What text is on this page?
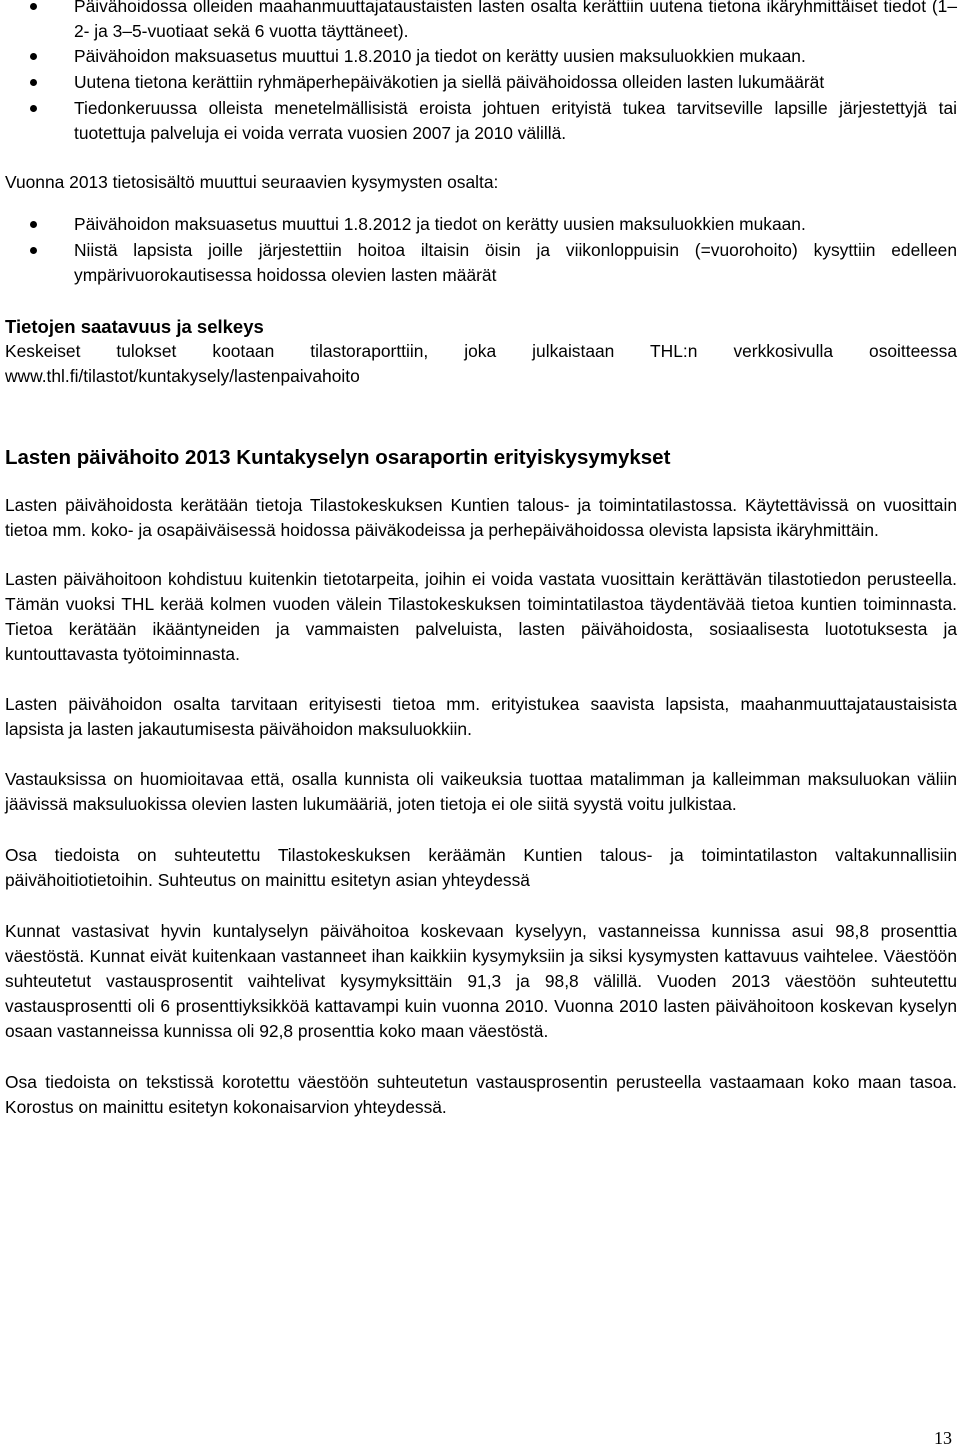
Päivähoidossa olleiden maahanmuuttajataustaisten lasten osalta kerättiin uutena tietona ikäryhmittäiset tiedot (1–2- ja 3–5-vuotiaat sekä 6 vuotta täyttäneet).
Päivähoidon maksuasetus muuttui 1.8.2010 ja tiedot on kerätty uusien maksuluokkien mukaan.
Uutena tietona kerättiin ryhmäperhepäiväkotien ja siellä päivähoidossa olleiden lasten lukumäärät
Tiedonkeruussa olleista menetelmällisistä eroista johtuen erityistä tukea tarvitseville lapsille järjestettyjä tai tuotettuja palveluja ei voida verrata vuosien 2007 ja 2010 välillä.

Vuonna 2013 tietosisältö muuttui seuraavien kysymysten osalta:

Päivähoidon maksuasetus muuttui 1.8.2012 ja tiedot on kerätty uusien maksuluokkien mukaan.
Niistä lapsista joille järjestettiin hoitoa iltaisin öisin ja viikonloppuisin (=vuorohoito) kysyttiin edelleen ympärivuorokautisessa hoidossa olevien lasten määrät

Tietojen saatavuus ja selkeys

Keskeiset tulokset kootaan tilastoraporttiin, joka julkaistaan THL:n verkkosivulla osoitteessa www.thl.fi/tilastot/kuntakysely/lastenpaivahoito

Lasten päivähoito 2013 Kuntakyselyn osaraportin erityiskysymykset

Lasten päivähoidosta kerätään tietoja Tilastokeskuksen Kuntien talous- ja toimintatilastossa. Käytettävissä on vuosittain tietoa mm. koko- ja osapäiväisessä hoidossa päiväkodeissa ja perhepäivähoidossa olevista lapsista ikäryhmittäin.

Lasten päivähoitoon kohdistuu kuitenkin tietotarpeita, joihin ei voida vastata vuosittain kerättävän tilastotiedon perusteella. Tämän vuoksi THL kerää kolmen vuoden välein Tilastokeskuksen toimintatilastoa täydentävää tietoa kuntien toiminnasta. Tietoa kerätään ikääntyneiden ja vammaisten palveluista, lasten päivähoidosta, sosiaalisesta luototuksesta ja kuntouttavasta työtoiminnasta.

Lasten päivähoidon osalta tarvitaan erityisesti tietoa mm. erityistukea saavista lapsista, maahanmuuttajataustaisista lapsista ja lasten jakautumisesta päivähoidon maksuluokkiin.

Vastauksissa on huomioitavaa että, osalla kunnista oli vaikeuksia tuottaa matalimman ja kalleimman maksuluokan väliin jäävissä maksuluokissa olevien lasten lukumääriä, joten tietoja ei ole siitä syystä voitu julkistaa.

Osa tiedoista on suhteutettu Tilastokeskuksen keräämän Kuntien talous- ja toimintatilaston valtakunnallisiin päivähoitiotietoihin. Suhteutus on mainittu esitetyn asian yhteydessä

Kunnat vastasivat hyvin kuntalyselyn päivähoitoa koskevaan kyselyyn, vastanneissa kunnissa asui 98,8 prosenttia väestöstä. Kunnat eivät kuitenkaan vastanneet ihan kaikkiin kysymyksiin ja siksi kysymysten kattavuus vaihtelee. Väestöön suhteutetut vastausprosentit vaihtelivat kysymyksittäin 91,3 ja 98,8 välillä. Vuoden 2013 väestöön suhteutettu vastausprosentti oli 6 prosenttiyksikköä kattavampi kuin vuonna 2010. Vuonna 2010 lasten päivähoitoon koskevan kyselyn osaan vastanneissa kunnissa oli 92,8 prosenttia koko maan väestöstä.

Osa tiedoista on tekstissä korotettu väestöön suhteutetun vastausprosentin perusteella vastaamaan koko maan tasoa. Korostus on mainittu esitetyn kokonaisarvion yhteydessä.

13
